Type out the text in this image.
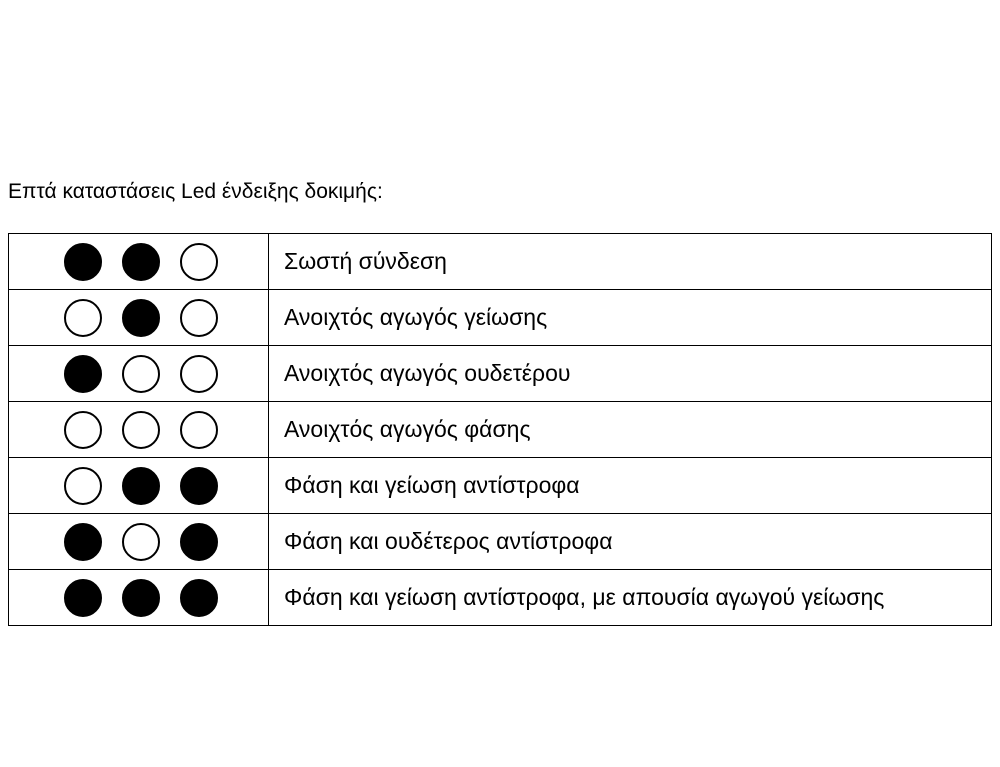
Επτά καταστάσεις Led ένδειξης δοκιμής:
Σωστή σύνδεση
Ανοιχτός αγωγός γείωσης
Ανοιχτός αγωγός ουδετέρου
Ανοιχτός αγωγός φάσης
Φάση και γείωση αντίστροφα
Φάση και ουδέτερος αντίστροφα
Φάση και γείωση αντίστροφα, με απουσία αγωγού γείωσης
